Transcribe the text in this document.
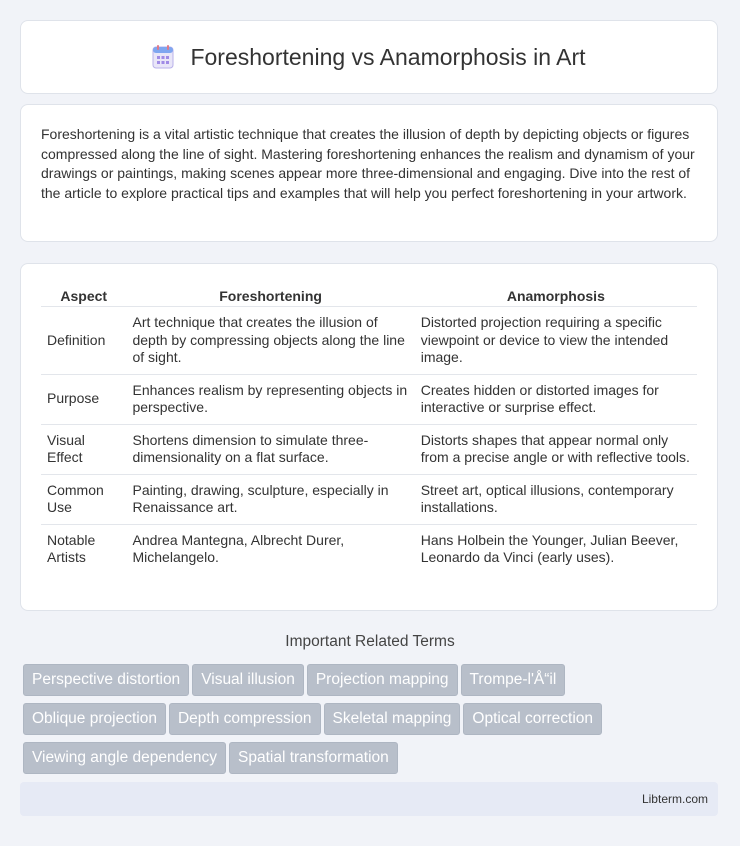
Foreshortening vs Anamorphosis in Art

Foreshortening is a vital artistic technique that creates the illusion of depth by depicting objects or figures compressed along the line of sight. Mastering foreshortening enhances the realism and dynamism of your drawings or paintings, making scenes appear more three-dimensional and engaging. Dive into the rest of the article to explore practical tips and examples that will help you perfect foreshortening in your artwork.

Aspect	Foreshortening	Anamorphosis
Definition	Art technique that creates the illusion of depth by compressing objects along the line of sight.	Distorted projection requiring a specific viewpoint or device to view the intended image.
Purpose	Enhances realism by representing objects in perspective.	Creates hidden or distorted images for interactive or surprise effect.
Visual Effect	Shortens dimension to simulate three-dimensionality on a flat surface.	Distorts shapes that appear normal only from a precise angle or with reflective tools.
Common Use	Painting, drawing, sculpture, especially in Renaissance art.	Street art, optical illusions, contemporary installations.
Notable Artists	Andrea Mantegna, Albrecht Durer, Michelangelo.	Hans Holbein the Younger, Julian Beever, Leonardo da Vinci (early uses).
Important Related Terms
Perspective distortion Visual illusion Projection mapping Trompe-l'Å“il
Oblique projection Depth compression Skeletal mapping Optical correction
Viewing angle dependency Spatial transformation
Libterm.com
